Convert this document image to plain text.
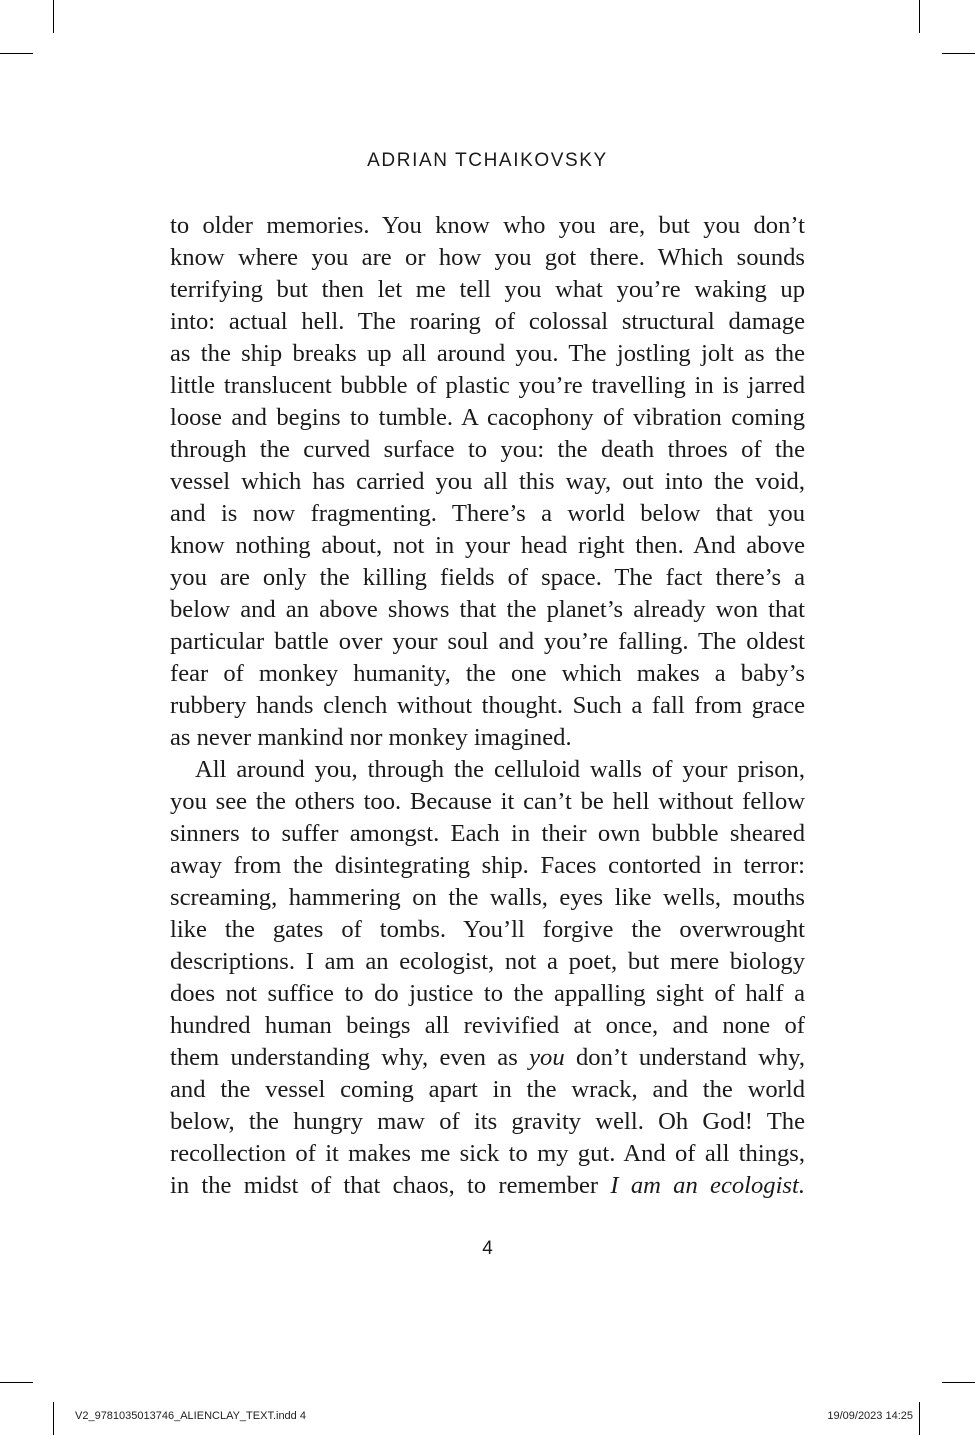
ADRIAN TCHAIKOVSKY
to older memories. You know who you are, but you don’t
know where you are or how you got there. Which sounds
terrifying but then let me tell you what you’re waking up
into: actual hell. The roaring of colossal structural damage
as the ship breaks up all around you. The jostling jolt as the
little translucent bubble of plastic you’re travelling in is jarred
loose and begins to tumble. A cacophony of vibration coming
through the curved surface to you: the death throes of the
vessel which has carried you all this way, out into the void,
and is now fragmenting. There’s a world below that you
know nothing about, not in your head right then. And above
you are only the killing fields of space. The fact there’s a
below and an above shows that the planet’s already won that
particular battle over your soul and you’re falling. The oldest
fear of monkey humanity, the one which makes a baby’s
rubbery hands clench without thought. Such a fall from grace
as never mankind nor monkey imagined.
All around you, through the celluloid walls of your prison,
you see the others too. Because it can’t be hell without fellow
sinners to suffer amongst. Each in their own bubble sheared
away from the disintegrating ship. Faces contorted in terror:
screaming, hammering on the walls, eyes like wells, mouths
like the gates of tombs. You’ll forgive the overwrought
descriptions. I am an ecologist, not a poet, but mere biology
does not suffice to do justice to the appalling sight of half a
hundred human beings all revivified at once, and none of
them understanding why, even as you don’t understand why,
and the vessel coming apart in the wrack, and the world
below, the hungry maw of its gravity well. Oh God! The
recollection of it makes me sick to my gut. And of all things,
in the midst of that chaos, to remember I am an ecologist.
4
V2_9781035013746_ALIENCLAY_TEXT.indd 4	19/09/2023 14:25
